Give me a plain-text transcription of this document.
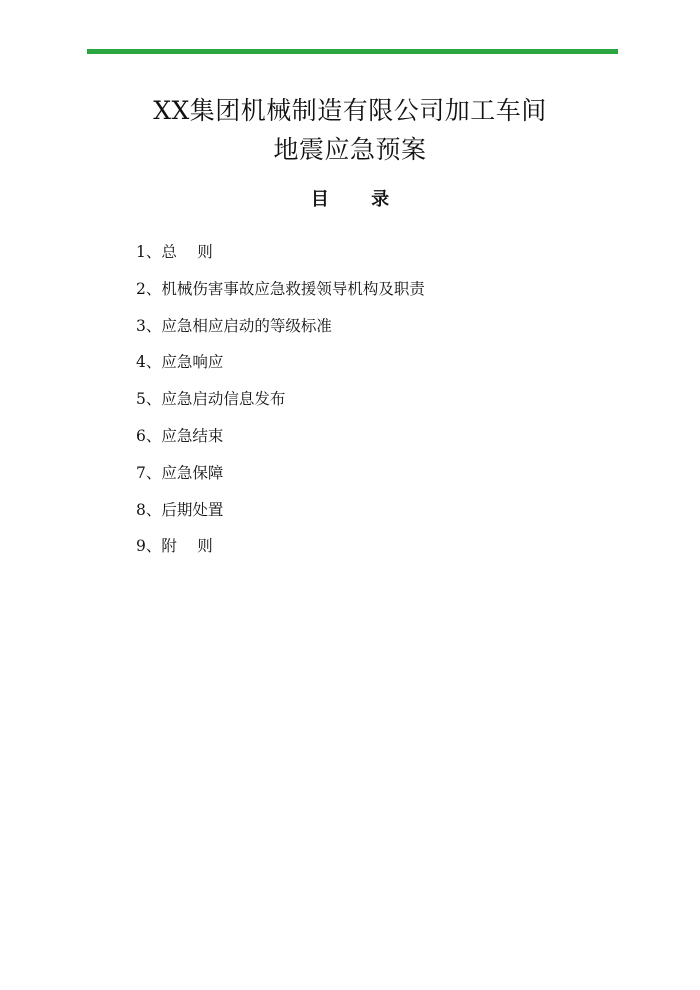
XX集团机械制造有限公司加工车间
地震应急预案
目 录
1、总　 则
2、机械伤害事故应急救援领导机构及职责
3、应急相应启动的等级标准
4、应急响应
5、应急启动信息发布
6、应急结束
7、应急保障
8、后期处置
9、附　 则
